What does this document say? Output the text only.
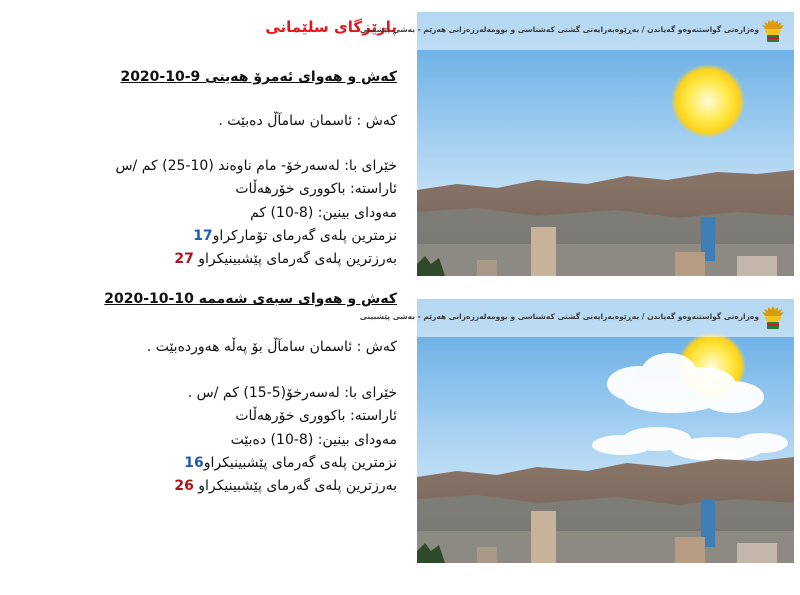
پارێزگای سلێمانی
کەش و هەوای ئەمرۆ هەینی 9-10-2020
کەش : ئاسمان سامآڵ دەبێت .
خێرای با: لەسەرخۆ- مام ناوەند (10-25) کم /س
ئاراستە: باکووری خۆرهەڵات
مەودای بینین: (8-10) کم
نزمترین پلەی گەرمای تۆمارکراو17
بەرزترین پلەی گەرمای پێشبینیکراو 27
کەش و هەوای سبەی شەممە 10-10-2020
کەش : ئاسمان سامآڵ بۆ پەڵە هەوردەبێت .
خێرای با: لەسەرخۆ(5-15) کم /س .
ئاراستە: باکووری خۆرهەڵات
مەودای بینین: (8-10) دەبێت
نزمترین پلەی گەرمای پێشبینیکراو16
بەرزترین پلەی گەرمای پێشبینیکراو 26
وەزارەتی گواستنەوەو گەیاندن / بەڕێوەبەرایەتی گشتی کەشناسی و بوومەلەرزەزانی هەرێم - بەشی پێشبینی
وەزارەتی گواستنەوەو گەیاندن / بەڕێوەبەرایەتی گشتی کەشناسی و بوومەلەرزەزانی هەرێم - بەشی پێشبینی
